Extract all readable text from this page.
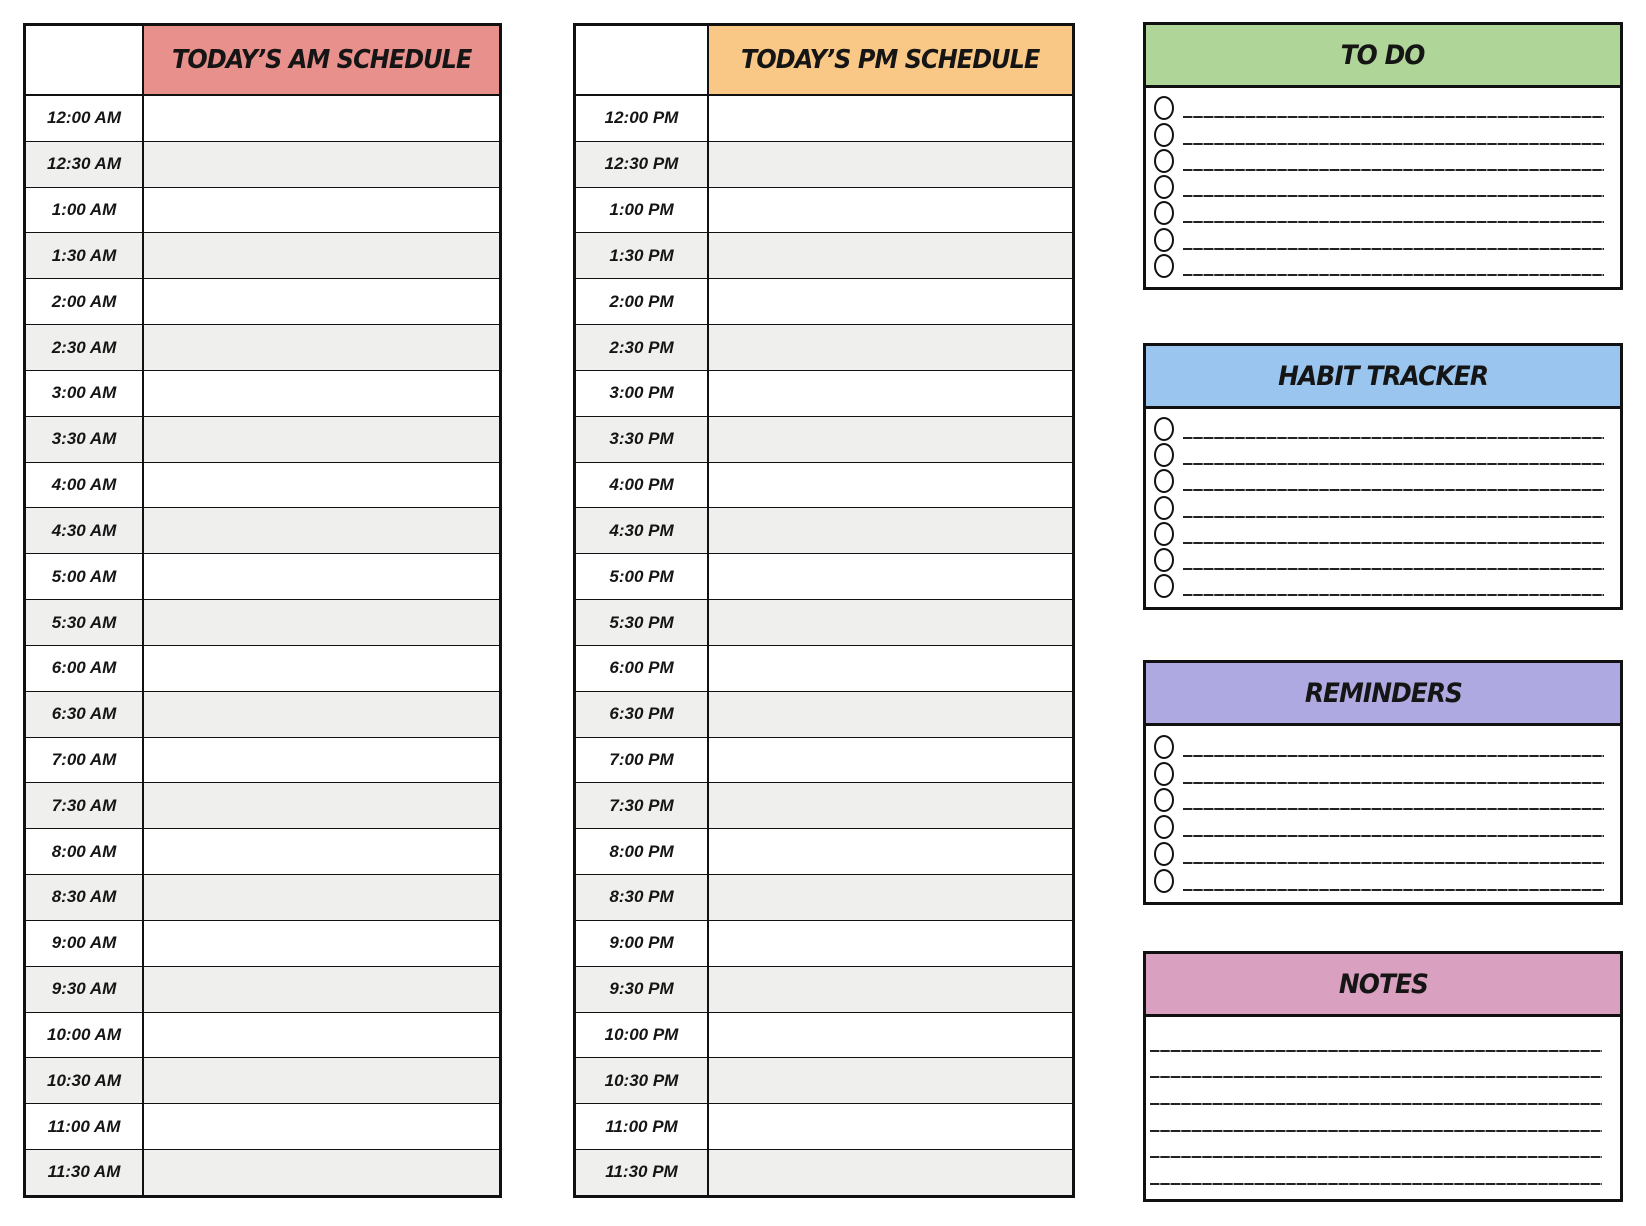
TODAY’S AM SCHEDULE
12:00 AM
12:30 AM
1:00 AM
1:30 AM
2:00 AM
2:30 AM
3:00 AM
3:30 AM
4:00 AM
4:30 AM
5:00 AM
5:30 AM
6:00 AM
6:30 AM
7:00 AM
7:30 AM
8:00 AM
8:30 AM
9:00 AM
9:30 AM
10:00 AM
10:30 AM
11:00 AM
11:30 AM
TODAY’S PM SCHEDULE
12:00 PM
12:30 PM
1:00 PM
1:30 PM
2:00 PM
2:30 PM
3:00 PM
3:30 PM
4:00 PM
4:30 PM
5:00 PM
5:30 PM
6:00 PM
6:30 PM
7:00 PM
7:30 PM
8:00 PM
8:30 PM
9:00 PM
9:30 PM
10:00 PM
10:30 PM
11:00 PM
11:30 PM
TO DO
HABIT TRACKER
REMINDERS
NOTES
